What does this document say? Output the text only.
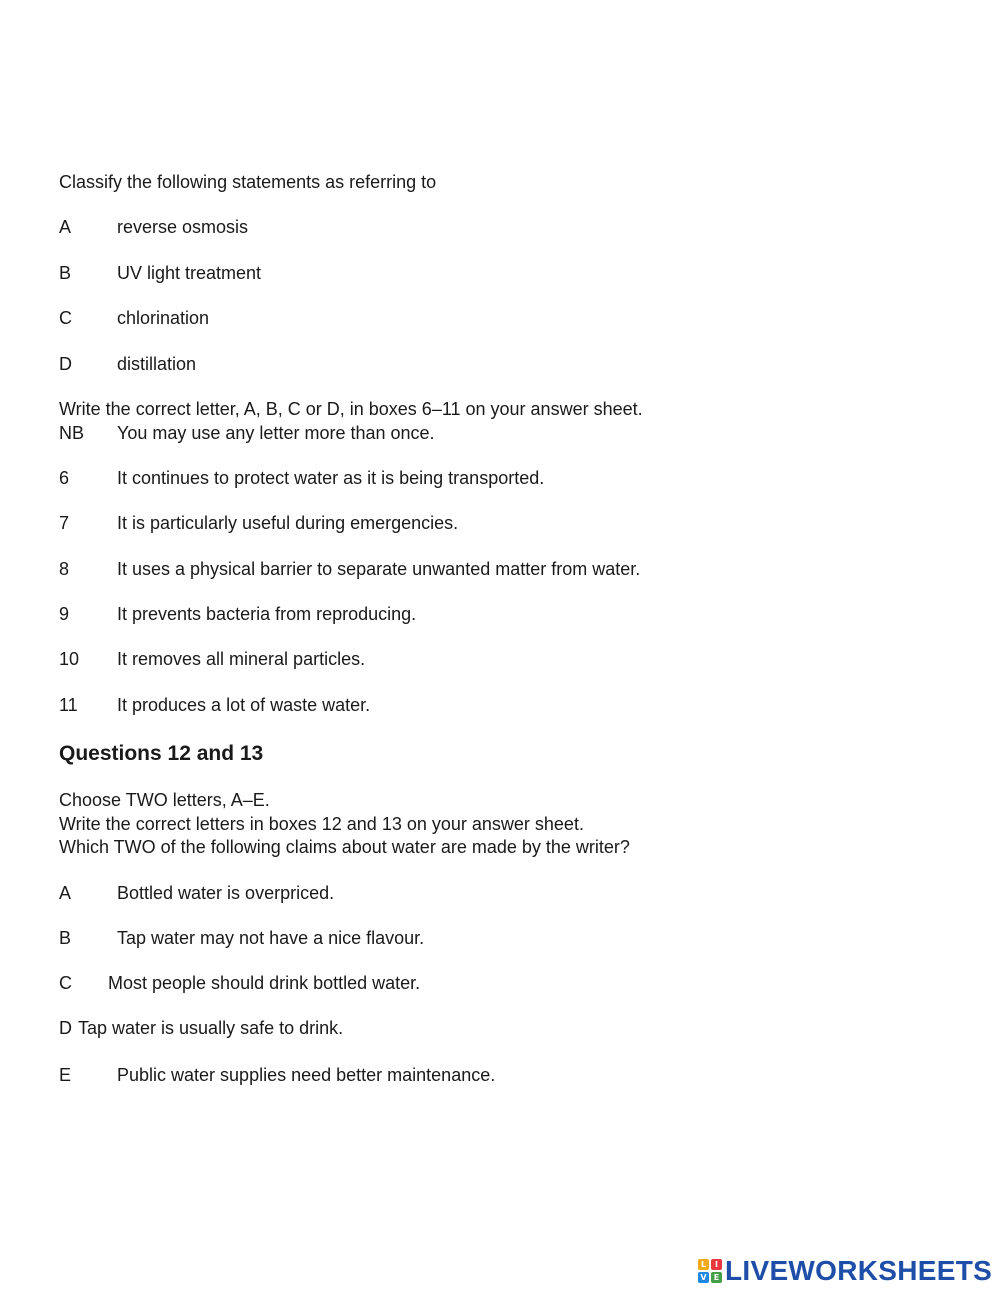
Classify the following statements as referring to
A	reverse osmosis
B	UV light treatment
C	chlorination
D	distillation
Write the correct letter, A, B, C or D, in boxes 6–11 on your answer sheet.
NB You may use any letter more than once.
6	It continues to protect water as it is being transported.
7	It is particularly useful during emergencies.
8	It uses a physical barrier to separate unwanted matter from water.
9	It prevents bacteria from reproducing.
10 It removes all mineral particles.
11 It produces a lot of waste water.
Questions 12 and 13
Choose TWO letters, A–E.
Write the correct letters in boxes 12 and 13 on your answer sheet.
Which TWO of the following claims about water are made by the writer?
A	Bottled water is overpriced.
B	Tap water may not have a nice flavour.
C Most people should drink bottled water.
D Tap water is usually safe to drink.
E	Public water supplies need better maintenance.
L	I
V E LIVEWORKSHEETS
